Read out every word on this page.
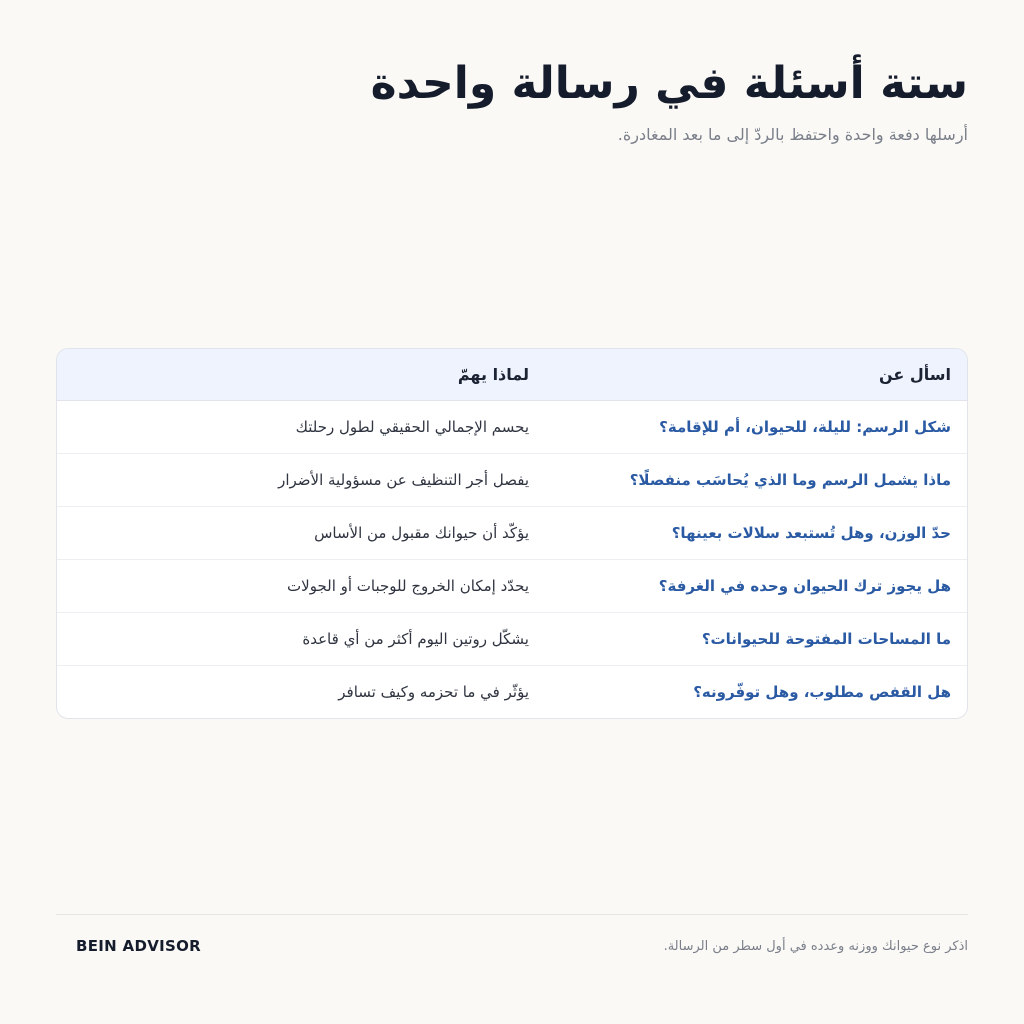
ستة أسئلة في رسالة واحدة
أرسلها دفعة واحدة واحتفظ بالردّ إلى ما بعد المغادرة.
اسأل عن	لماذا يهمّ
شكل الرسم: لليلة، للحيوان، أم للإقامة؟	يحسم الإجمالي الحقيقي لطول رحلتك
ماذا يشمل الرسم وما الذي يُحاسَب منفصلًا؟	يفصل أجر التنظيف عن مسؤولية الأضرار
حدّ الوزن، وهل تُستبعد سلالات بعينها؟	يؤكّد أن حيوانك مقبول من الأساس
هل يجوز ترك الحيوان وحده في الغرفة؟	يحدّد إمكان الخروج للوجبات أو الجولات
ما المساحات المفتوحة للحيوانات؟	يشكّل روتين اليوم أكثر من أي قاعدة
هل القفص مطلوب، وهل توفّرونه؟	يؤثّر في ما تحزمه وكيف تسافر
اذكر نوع حيوانك ووزنه وعدده في أول سطر من الرسالة.
BEIN ADVISOR
